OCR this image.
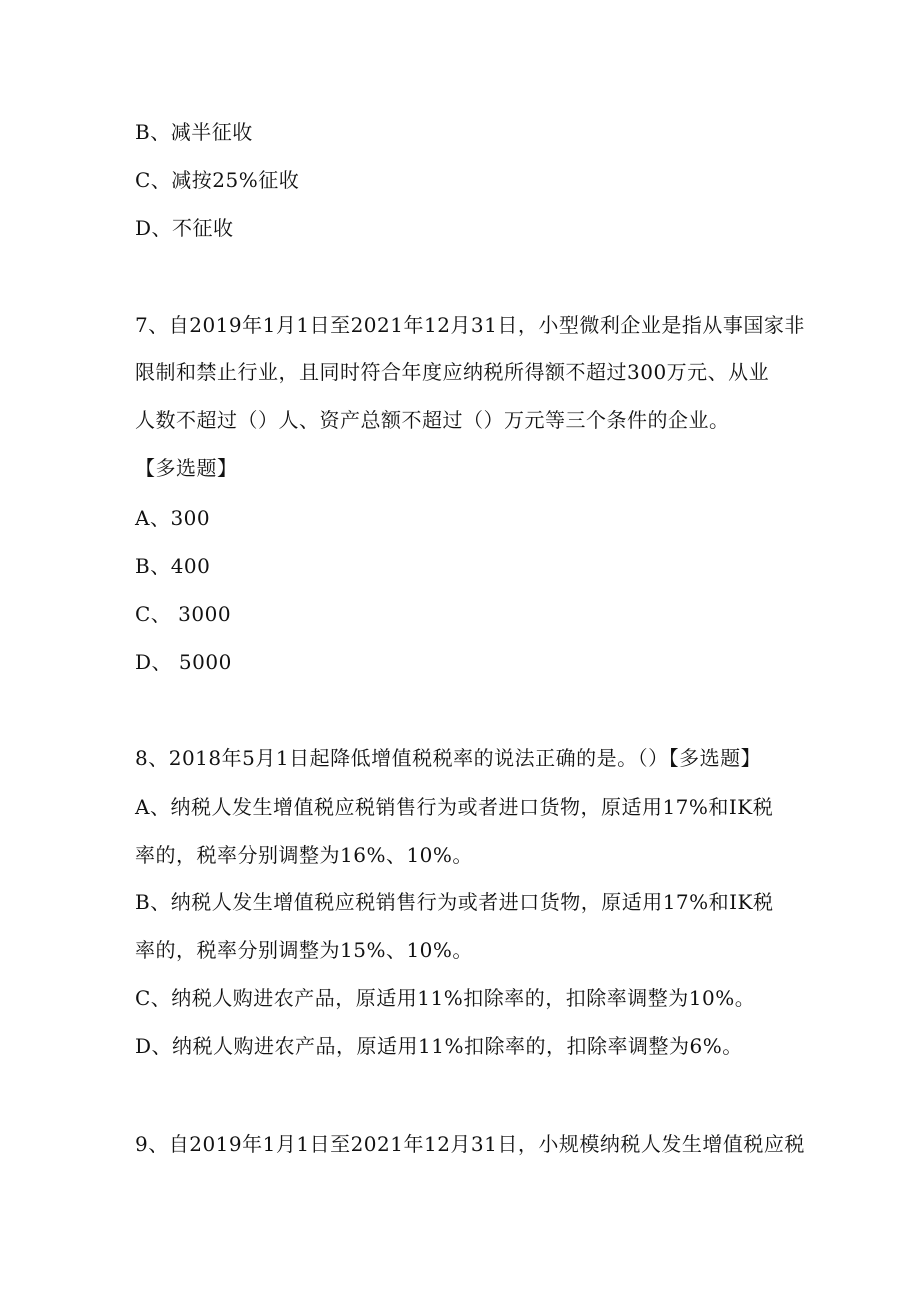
B、减半征收
C、减按25%征收
D、不征收
7、自2019年1月1日至2021年12月31日，小型微利企业是指从事国家非
限制和禁止行业，且同时符合年度应纳税所得额不超过300万元、从业
人数不超过（）人、资产总额不超过（）万元等三个条件的企业。
【多选题】
A、300
B、400
C、 3000
D、 5000
8、2018年5月1日起降低增值税税率的说法正确的是。（）【多选题】
A、纳税人发生增值税应税销售行为或者进口货物，原适用17%和IK税
率的，税率分别调整为16%、10%。
B、纳税人发生增值税应税销售行为或者进口货物，原适用17%和IK税
率的，税率分别调整为15%、10%。
C、纳税人购进农产品，原适用11%扣除率的，扣除率调整为10%。
D、纳税人购进农产品，原适用11%扣除率的，扣除率调整为6%。
9、自2019年1月1日至2021年12月31日，小规模纳税人发生增值税应税
